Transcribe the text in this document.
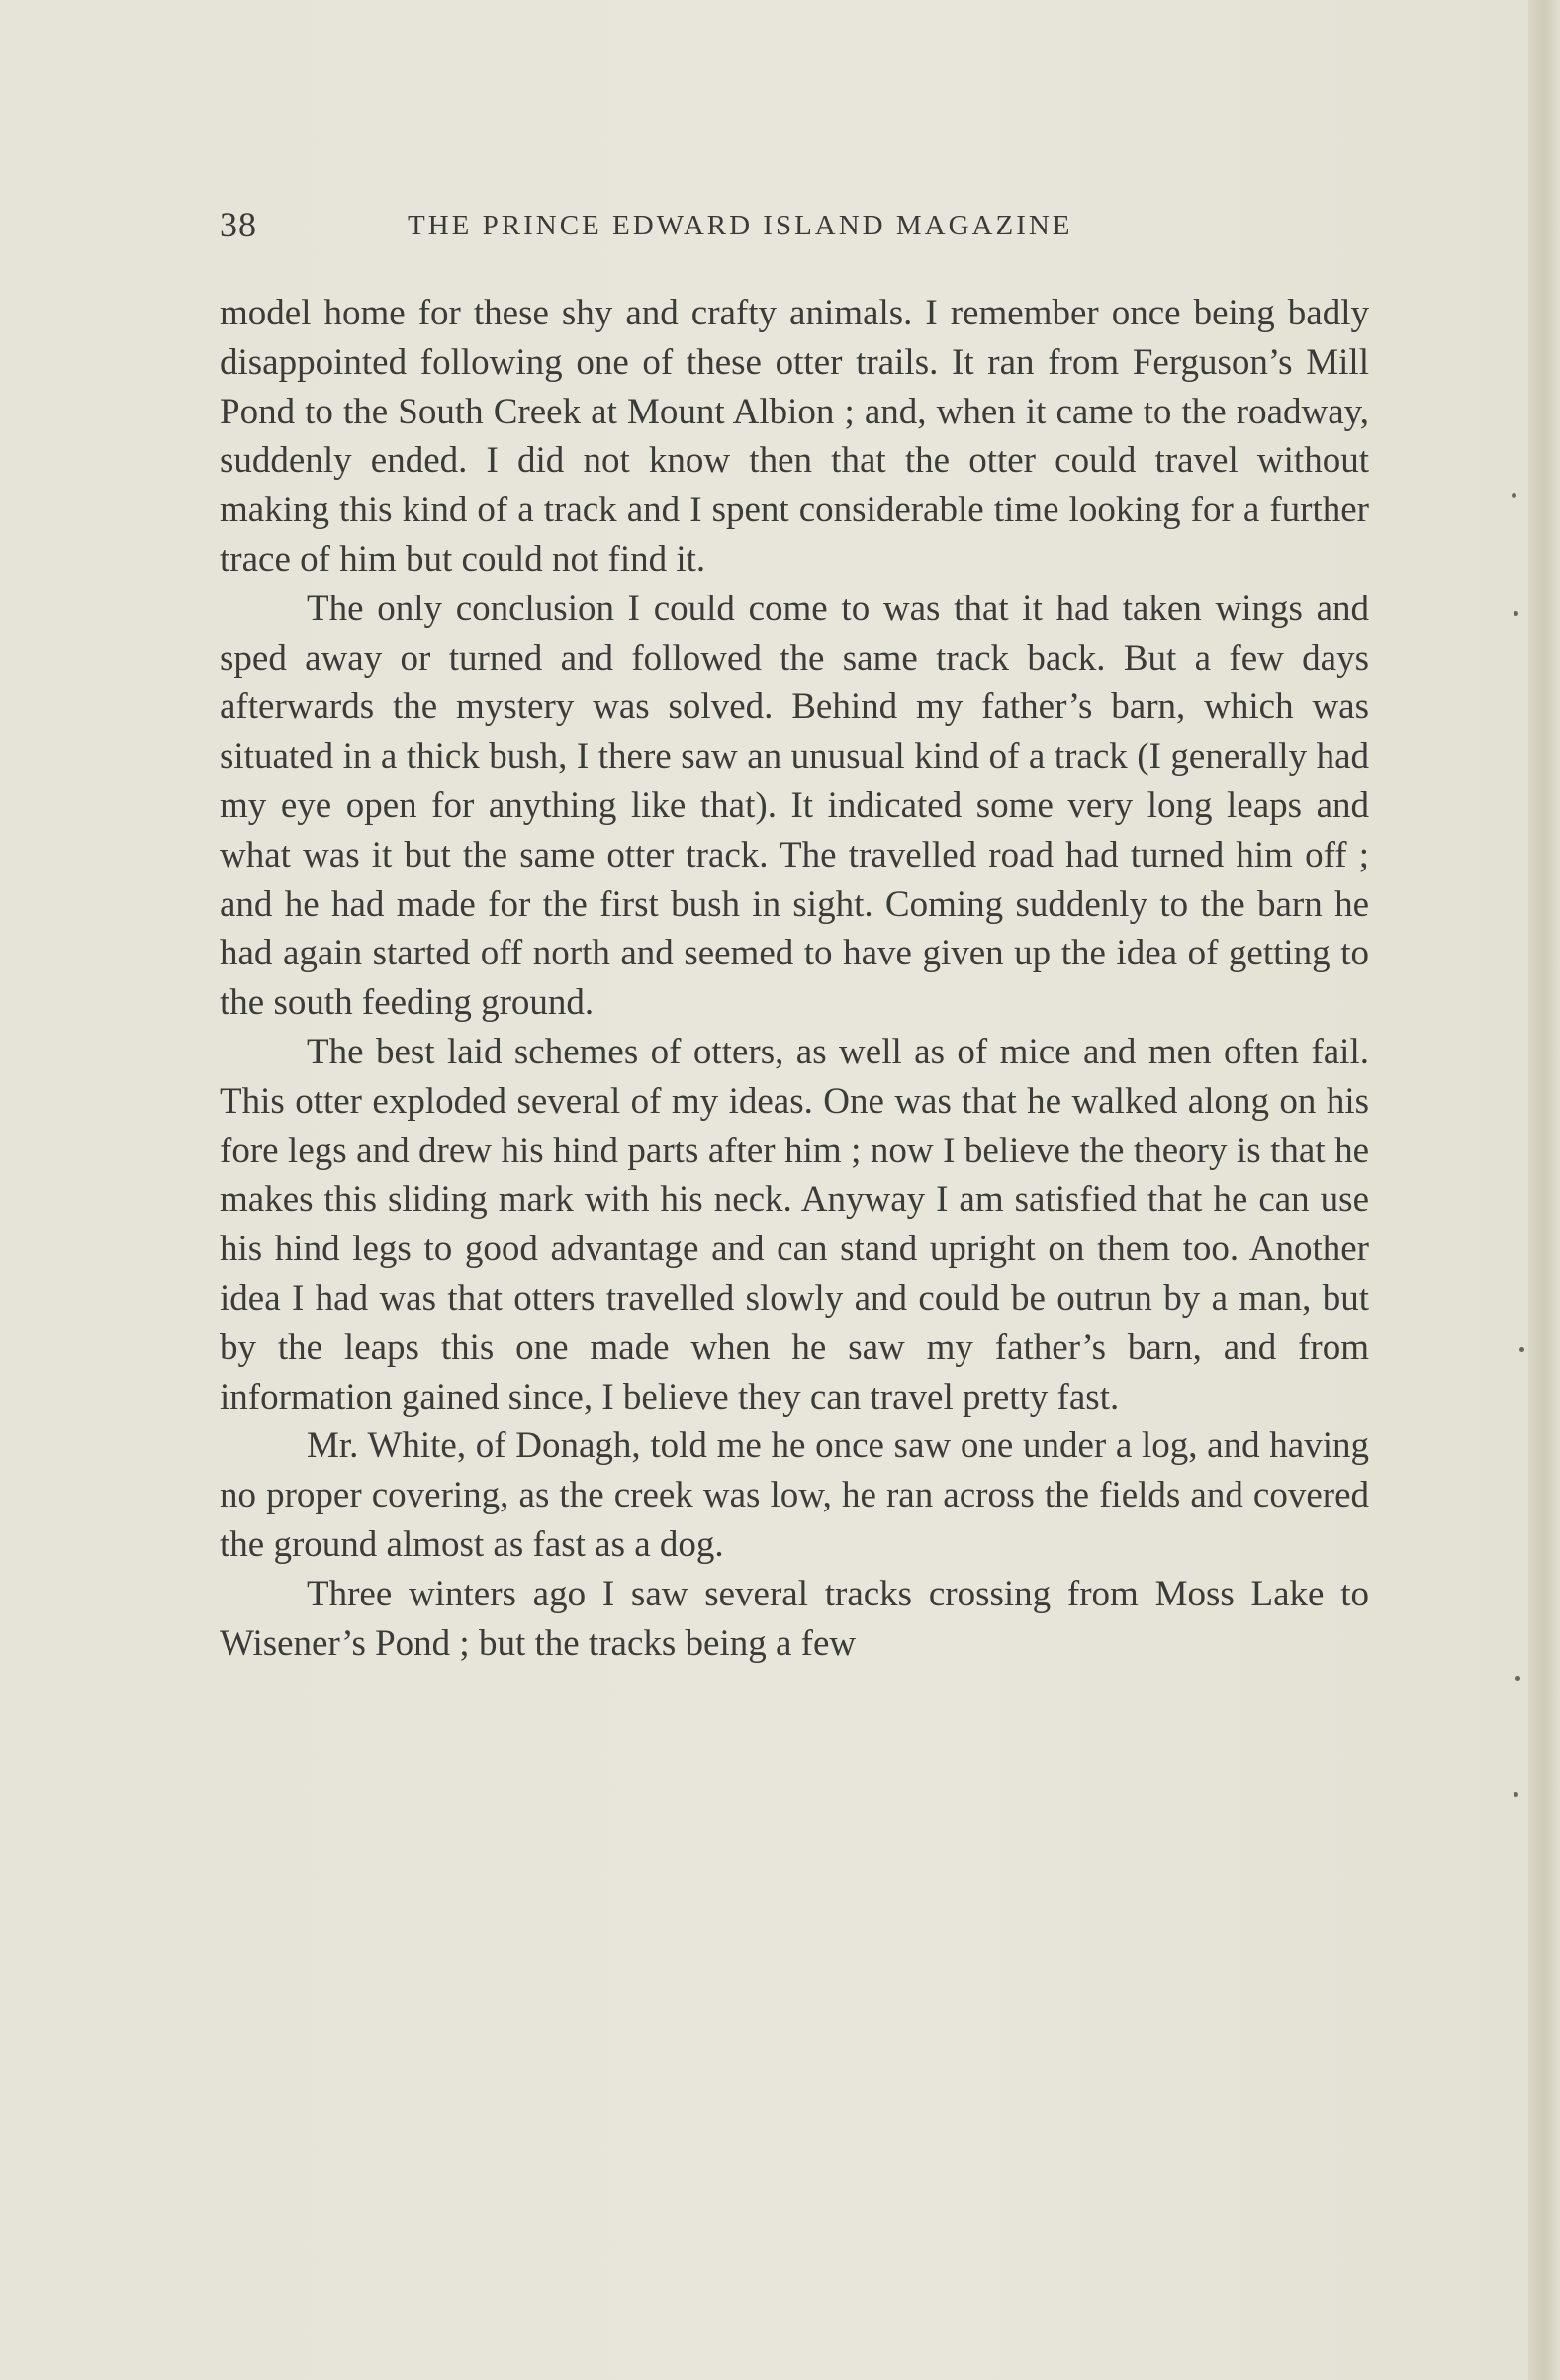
38	THE PRINCE EDWARD ISLAND MAGAZINE

model home for these shy and crafty animals. I remember once being badly disappointed following one of these otter trails. It ran from Ferguson’s Mill Pond to the South Creek at Mount Albion ; and, when it came to the roadway, suddenly ended. I did not know then that the otter could travel without making this kind of a track and I spent considerable time looking for a further trace of him but could not find it.

The only conclusion I could come to was that it had taken wings and sped away or turned and followed the same track back. But a few days afterwards the mystery was solved. Behind my father’s barn, which was situated in a thick bush, I there saw an unusual kind of a track (I generally had my eye open for anything like that). It indicated some very long leaps and what was it but the same otter track. The travelled road had turned him off ; and he had made for the first bush in sight. Coming suddenly to the barn he had again started off north and seemed to have given up the idea of getting to the south feeding ground.

The best laid schemes of otters, as well as of mice and men often fail. This otter exploded several of my ideas. One was that he walked along on his fore legs and drew his hind parts after him ; now I believe the theory is that he makes this sliding mark with his neck. Anyway I am satisfied that he can use his hind legs to good advantage and can stand upright on them too. Another idea I had was that otters travelled slowly and could be outrun by a man, but by the leaps this one made when he saw my father’s barn, and from information gained since, I believe they can travel pretty fast.

Mr. White, of Donagh, told me he once saw one under a log, and having no proper covering, as the creek was low, he ran across the fields and covered the ground almost as fast as a dog.

Three winters ago I saw several tracks crossing from Moss Lake to Wisener’s Pond ; but the tracks being a few
